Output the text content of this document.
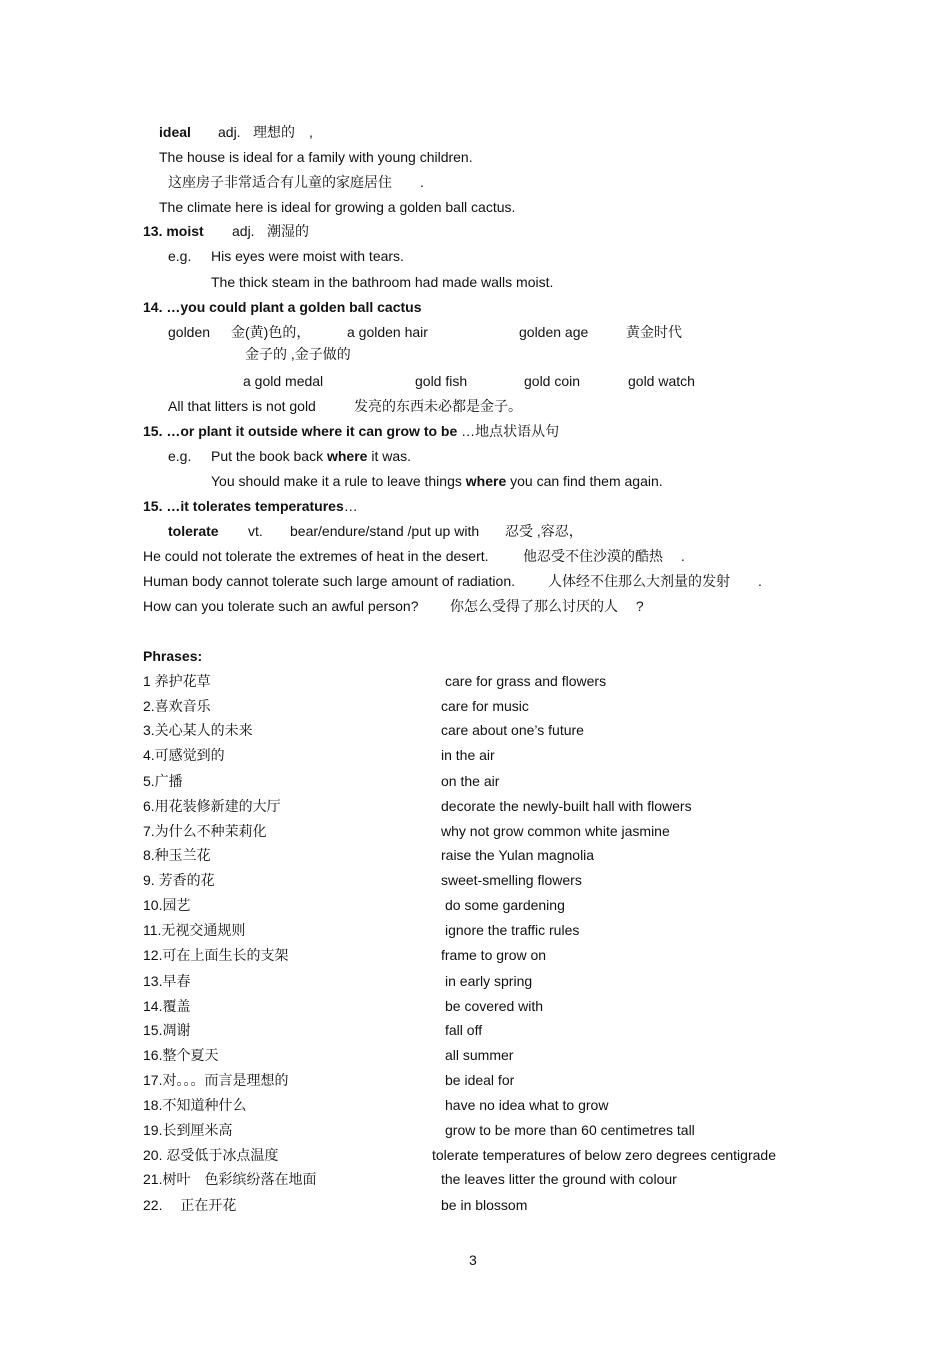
ideal adj. 理想的　,
The house is ideal for a family with young children.
这座房子非常适合有儿童的家庭居住　　.
The climate here is ideal for growing a golden ball cactus.
13. moist adj. 潮湿的
e.g. His eyes were moist with tears.
The thick steam in the bathroom had made walls moist.
14. …you could plant a golden ball cactus
golden 金(黄)色的，	a golden hair	golden age	黄金时代
金子的 ,金子做的
a gold medal	gold fish	gold coin	gold watch
All that litters is not gold	发亮的东西未必都是金子。
15. …or plant it outside where it can grow to be …地点状语从句
e.g. Put the book back where it was.
You should make it a rule to leave things where you can find them again.
15. …it tolerates temperatures…
tolerate vt. bear/endure/stand /put up with 忍受 ,容忍，
He could not tolerate the extremes of heat in the desert. 他忍受不住沙漠的酷热　 .
Human body cannot tolerate such large amount of radiation. 人体经不住那么大剂量的发射　　.
How can you tolerate such an awful person? 你怎么受得了那么讨厌的人　 ?
Phrases:
1 养护花草	care for grass and flowers
2.喜欢音乐	care for music
3.关心某人的未来	care about one’s future
4.可感觉到的	in the air
5.广播	on the air
6.用花装修新建的大厅	decorate the newly-built hall with flowers
7.为什么不种茉莉化	why not grow common white jasmine
8.种玉兰花	raise the Yulan magnolia
9. 芳香的花	sweet-smelling flowers
10.园艺	do some gardening
11.无视交通规则	ignore the traffic rules
12.可在上面生长的支架	frame to grow on
13.早春	in early spring
14.覆盖	be covered with
15.凋谢	fall off
16.整个夏天	all summer
17.对。。。而言是理想的	be ideal for
18.不知道种什么	have no idea what to grow
19.长到厘米高	grow to be more than 60 centimetres tall
20. 忍受低于冰点温度	tolerate temperatures of below zero degrees centigrade
21.树叶　色彩缤纷落在地面	the leaves litter the ground with colour
22.　 正在开花	be in blossom
3
